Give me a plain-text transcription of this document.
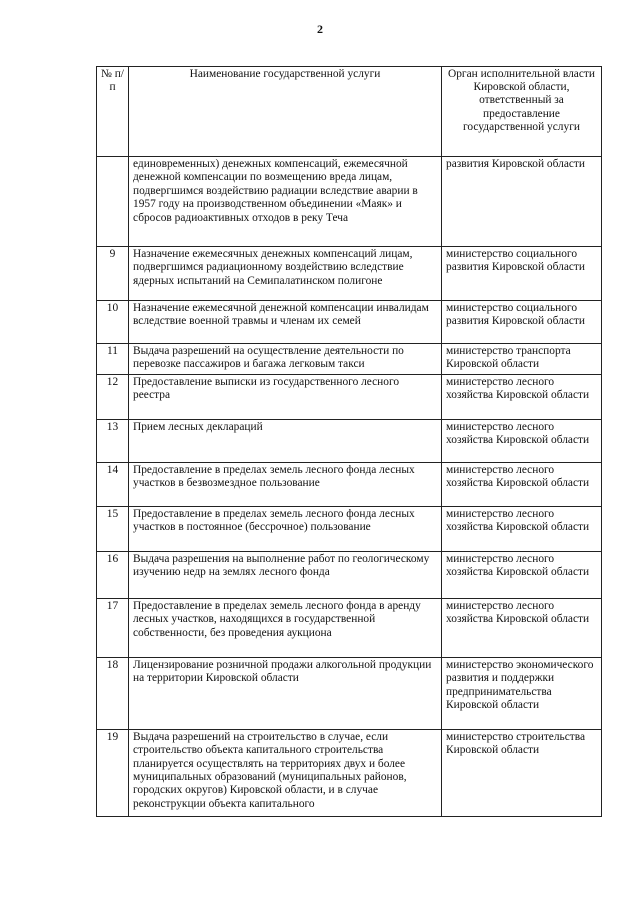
2
№ п/п	Наименование государственной услуги	Орган исполнительной власти Кировской области, ответственный за предоставление государственной услуги
	единовременных) денежных компенсаций, ежемесячной денежной компенсации по возмещению вреда лицам, подвергшимся воздействию радиации вследствие аварии в 1957 году на производственном объединении «Маяк» и сбросов радиоактивных отходов в реку Теча	развития Кировской области
9	Назначение ежемесячных денежных компенсаций лицам, подвергшимся радиационному воздействию вследствие ядерных испытаний на Семипалатинском полигоне	министерство социального развития Кировской области
10	Назначение ежемесячной денежной компенсации инвалидам вследствие военной травмы и членам их семей	министерство социального развития Кировской области
11	Выдача разрешений на осуществление деятельности по перевозке пассажиров и багажа легковым такси	министерство транспорта Кировской области
12	Предоставление выписки из государственного лесного реестра	министерство лесного хозяйства Кировской области
13	Прием лесных деклараций	министерство лесного хозяйства Кировской области
14	Предоставление в пределах земель лесного фонда лесных участков в безвозмездное пользование	министерство лесного хозяйства Кировской области
15	Предоставление в пределах земель лесного фонда лесных участков в постоянное (бессрочное) пользование	министерство лесного хозяйства Кировской области
16	Выдача разрешения на выполнение работ по геологическому изучению недр на землях лесного фонда	министерство лесного хозяйства Кировской области
17	Предоставление в пределах земель лесного фонда в аренду лесных участков, находящихся в государственной собственности, без проведения аукциона	министерство лесного хозяйства Кировской области
18	Лицензирование розничной продажи алкогольной продукции на территории Кировской области	министерство экономического развития и поддержки предпринимательства Кировской области
19	Выдача разрешений на строительство в случае, если строительство объекта капитального строительства планируется осуществлять на территориях двух и более муниципальных образований (муниципальных районов, городских округов) Кировской области, и в случае реконструкции объекта капитального	министерство строительства Кировской области
